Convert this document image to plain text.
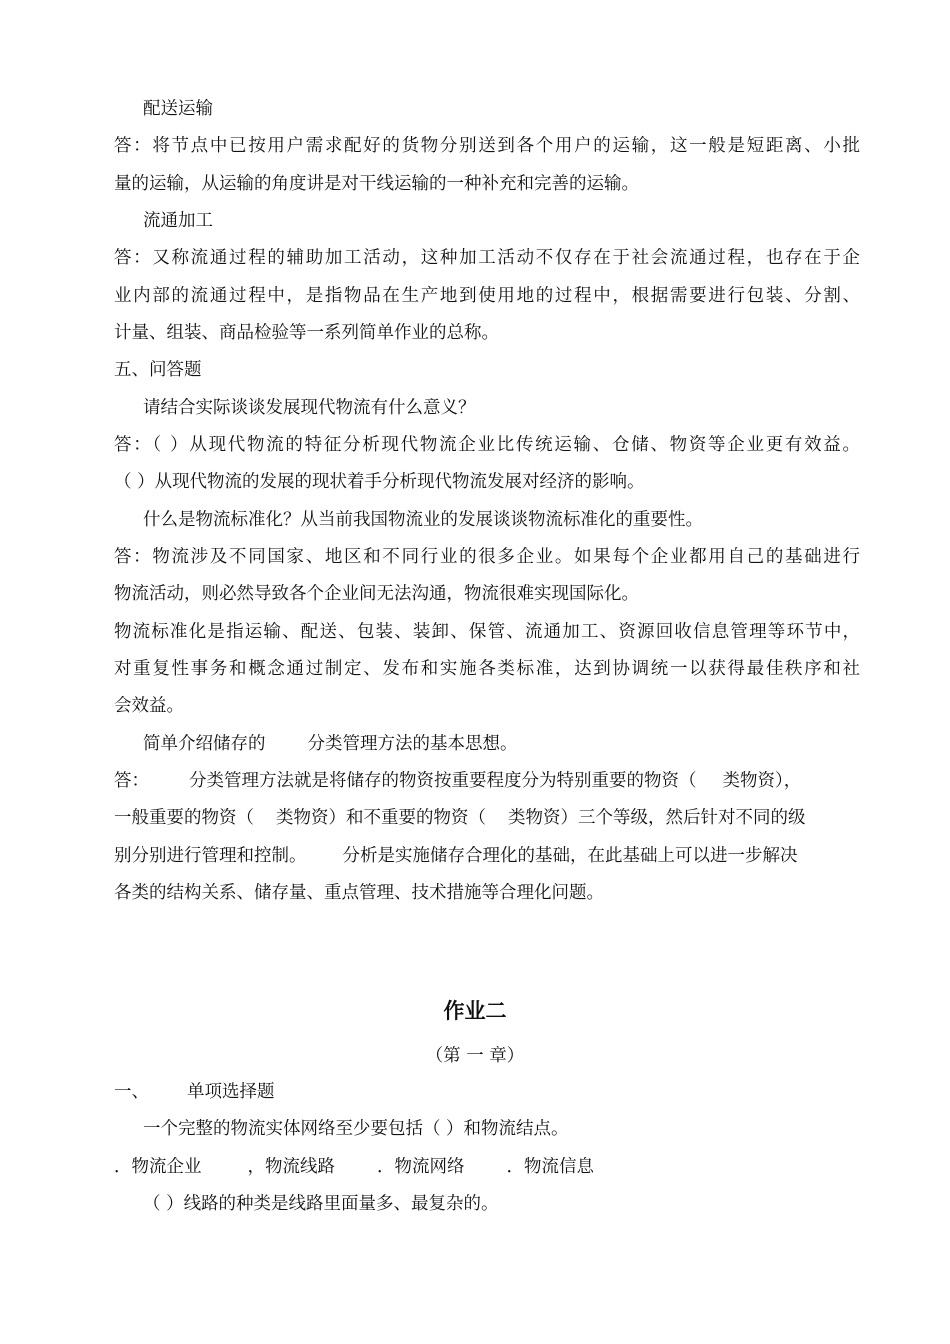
配送运输
答：将节点中已按用户需求配好的货物分别送到各个用户的运输，这一般是短距离、小批
量的运输，从运输的角度讲是对干线运输的一种补充和完善的运输。
流通加工
答：又称流通过程的辅助加工活动，这种加工活动不仅存在于社会流通过程，也存在于企
业内部的流通过程中，是指物品在生产地到使用地的过程中，根据需要进行包装、分割、
计量、组装、商品检验等一系列简单作业的总称。
五、问答题
请结合实际谈谈发展现代物流有什么意义？
答：（ ）从现代物流的特征分析现代物流企业比传统运输、仓储、物资等企业更有效益。
（ ）从现代物流的发展的现状着手分析现代物流发展对经济的影响。
什么是物流标准化？从当前我国物流业的发展谈谈物流标准化的重要性。
答：物流涉及不同国家、地区和不同行业的很多企业。如果每个企业都用自己的基础进行
物流活动，则必然导致各个企业间无法沟通，物流很难实现国际化。
物流标准化是指运输、配送、包装、装卸、保管、流通加工、资源回收信息管理等环节中，
对重复性事务和概念通过制定、发布和实施各类标准，达到协调统一以获得最佳秩序和社
会效益。
简单介绍储存的 分类管理方法的基本思想。
答： 分类管理方法就是将储存的物资按重要程度分为特别重要的物资（ 类物资），
一般重要的物资（ 类物资）和不重要的物资（ 类物资）三个等级，然后针对不同的级
别分别进行管理和控制。 分析是实施储存合理化的基础，在此基础上可以进一步解决
各类的结构关系、储存量、重点管理、技术措施等合理化问题。
作业二
（第 一 章）
一、 单项选择题
一个完整的物流实体网络至少要包括（ ）和物流结点。
．物流企业	，物流线路 ．物流网络 ．物流信息
（ ）线路的种类是线路里面量多、最复杂的。
